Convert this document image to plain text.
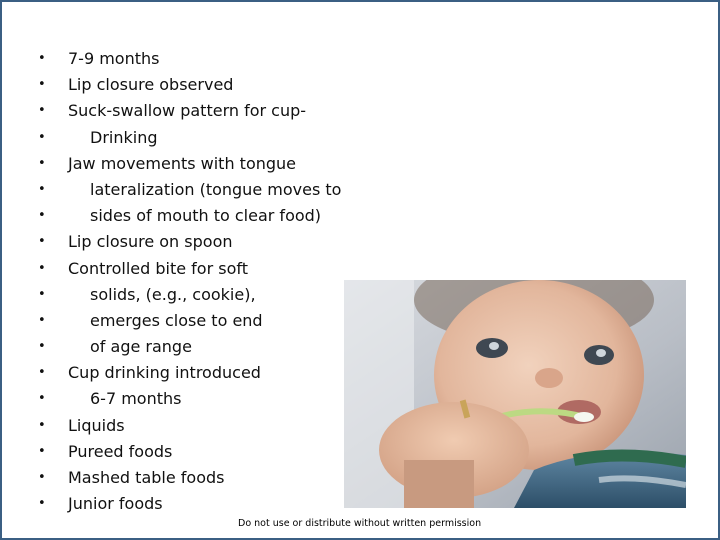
• 7-9 months
• Lip closure observed
• Suck-swallow pattern for cup-
•	Drinking
• Jaw movements with tongue
•	lateralization (tongue moves to
•	sides of mouth to clear food)
• Lip closure on spoon
• Controlled bite for soft
•	solids, (e.g., cookie),
•	emerges close to end
•	of age range
• Cup drinking introduced
•	6-7 months
• Liquids
• Pureed foods
• Mashed table foods
• Junior foods
Do not use or distribute without written permission
